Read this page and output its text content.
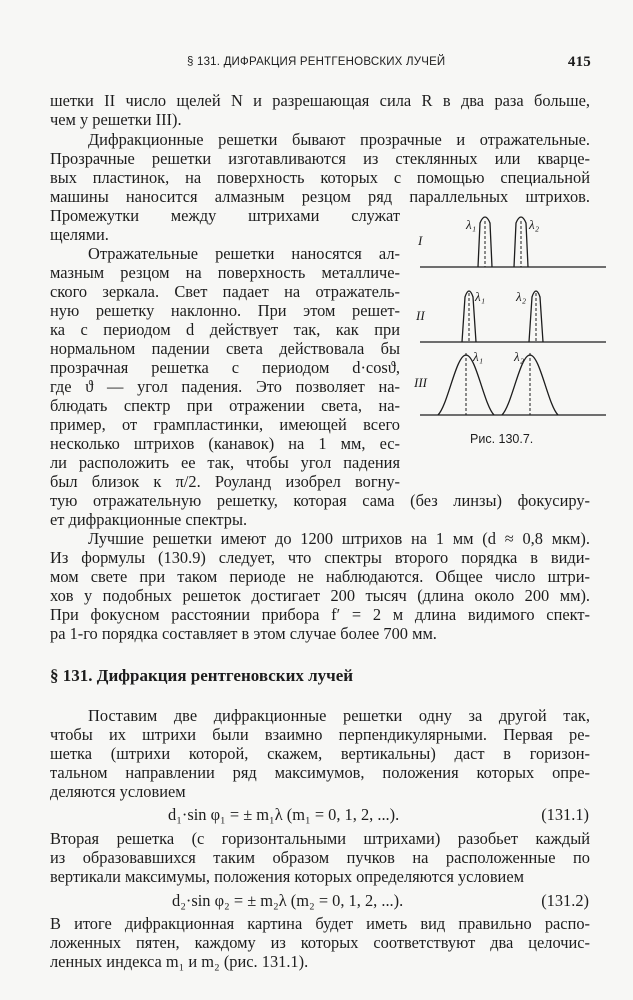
§ 131. ДИФРАКЦИЯ РЕНТГЕНОВСКИХ ЛУЧЕЙ	415
шетки II число щелей N и разрешающая сила R в два раза больше,
чем у решетки III).
Дифракционные решетки бывают прозрачные и отражательные.
Прозрачные решетки изготавливаются из стеклянных или кварце-
вых пластинок, на поверхность которых с помощью специальной
машины наносится алмазным резцом ряд параллельных штрихов.
Промежутки между штрихами служат
щелями.
Отражательные решетки наносятся ал-
мазным резцом на поверхность металличе-
ского зеркала. Свет падает на отражатель-
ную решетку наклонно. При этом решет-
ка с периодом d действует так, как при
нормальном падении света действовала бы
прозрачная решетка с периодом d·cosϑ,
где ϑ — угол падения. Это позволяет на-
блюдать спектр при отражении света, на-
пример, от грампластинки, имеющей всего
несколько штрихов (канавок) на 1 мм, ес-
ли расположить ее так, чтобы угол падения
был близок к π/2. Роуланд изобрел вогну-
тую отражательную решетку, которая сама (без линзы) фокусиру-
ет дифракционные спектры.
Лучшие решетки имеют до 1200 штрихов на 1 мм (d ≈ 0,8 мкм).
Из формулы (130.9) следует, что спектры второго порядка в види-
мом свете при таком периоде не наблюдаются. Общее число штри-
хов у подобных решеток достигает 200 тысяч (длина около 200 мм).
При фокусном расстоянии прибора f′ = 2 м длина видимого спект-
ра 1-го порядка составляет в этом случае более 700 мм.
§ 131. Дифракция рентгеновских лучей
Поставим две дифракционные решетки одну за другой так,
чтобы их штрихи были взаимно перпендикулярными. Первая ре-
шетка (штрихи которой, скажем, вертикальны) даст в горизон-
тальном направлении ряд максимумов, положения которых опре-
деляются условием
d₁·sin φ₁ = ± m₁λ (m₁ = 0, 1, 2, ...).	(131.1)
Вторая решетка (с горизонтальными штрихами) разобьет каждый
из образовавшихся таким образом пучков на расположенные по
вертикали максимумы, положения которых определяются условием
d₂·sin φ₂ = ± m₂λ (m₂ = 0, 1, 2, ...).	(131.2)
В итоге дифракционная картина будет иметь вид правильно распо-
ложенных пятен, каждому из которых соответствуют два целочис-
ленных индекса m₁ и m₂ (рис. 131.1).
I
λ₁	λ₂
II
λ₁ λ₂
III
λ₁ λ₂
Рис. 130.7.
